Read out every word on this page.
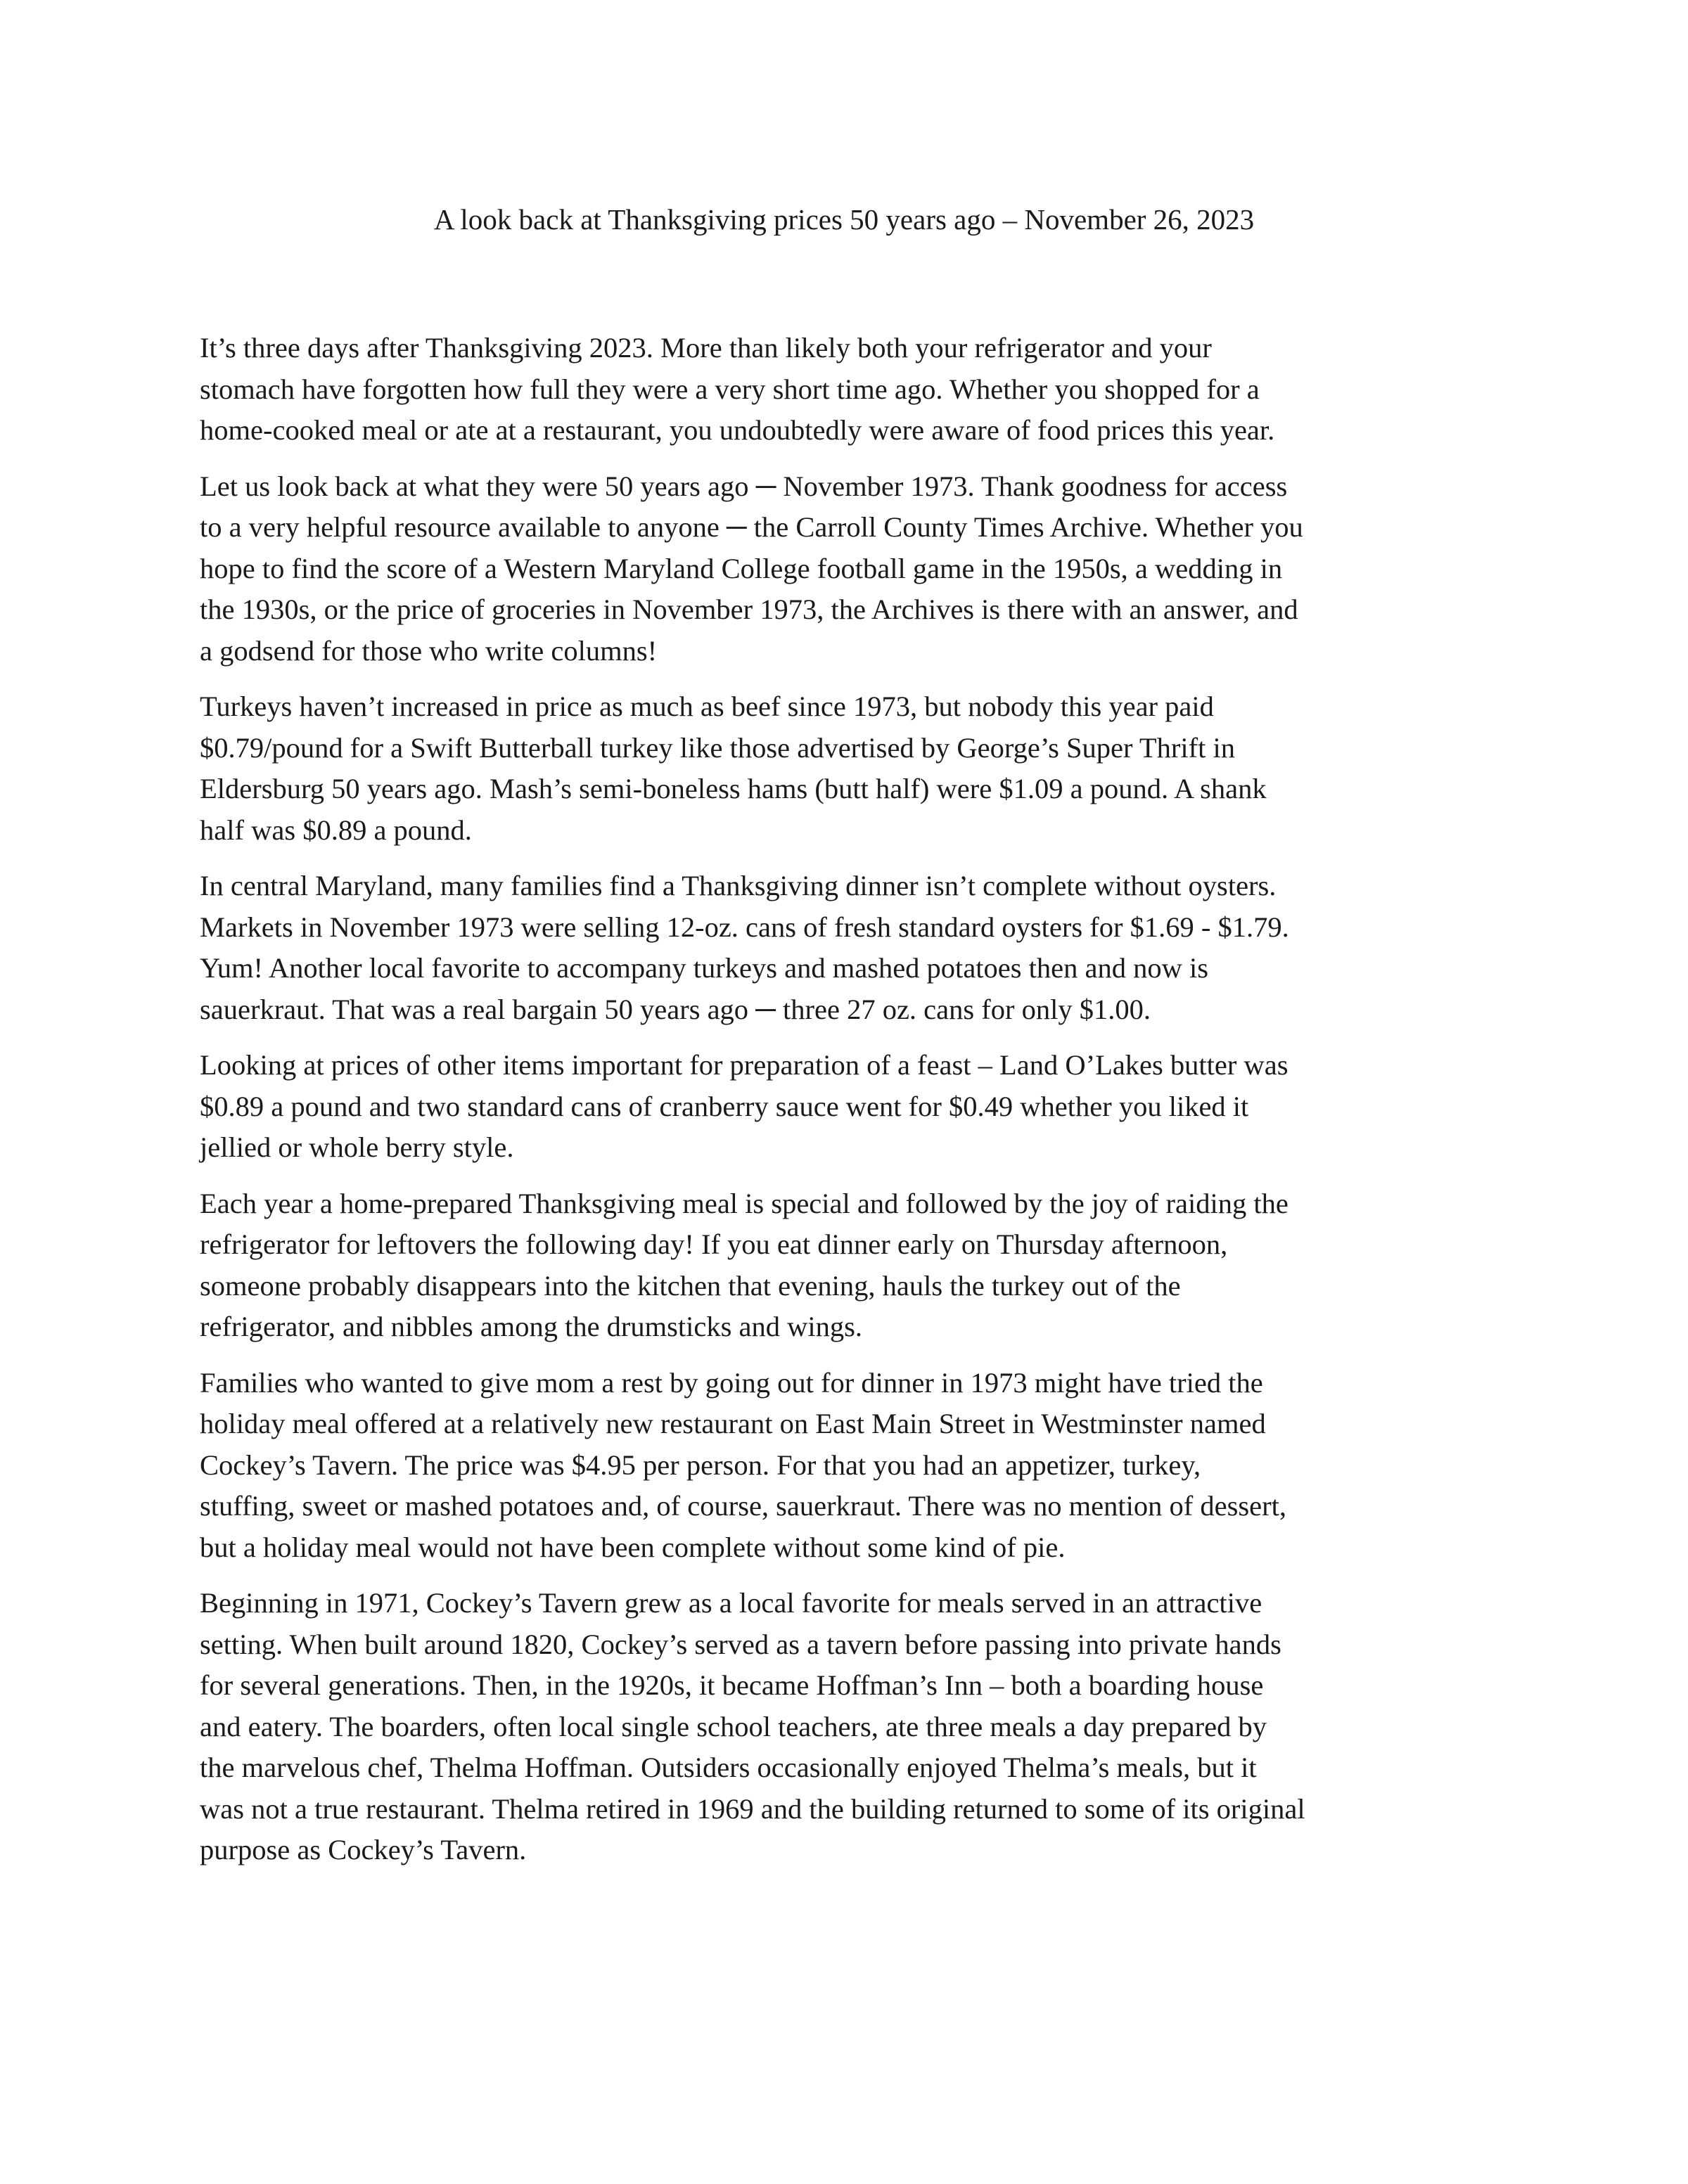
A look back at Thanksgiving prices 50 years ago – November 26, 2023

It’s three days after Thanksgiving 2023. More than likely both your refrigerator and your
stomach have forgotten how full they were a very short time ago. Whether you shopped for a
home-cooked meal or ate at a restaurant, you undoubtedly were aware of food prices this year.

Let us look back at what they were 50 years ago ─ November 1973. Thank goodness for access
to a very helpful resource available to anyone ─ the Carroll County Times Archive. Whether you
hope to find the score of a Western Maryland College football game in the 1950s, a wedding in
the 1930s, or the price of groceries in November 1973, the Archives is there with an answer, and
a godsend for those who write columns!

Turkeys haven’t increased in price as much as beef since 1973, but nobody this year paid
$0.79/pound for a Swift Butterball turkey like those advertised by George’s Super Thrift in
Eldersburg 50 years ago. Mash’s semi-boneless hams (butt half) were $1.09 a pound. A shank
half was $0.89 a pound.

In central Maryland, many families find a Thanksgiving dinner isn’t complete without oysters.
Markets in November 1973 were selling 12-oz. cans of fresh standard oysters for $1.69 - $1.79.
Yum! Another local favorite to accompany turkeys and mashed potatoes then and now is
sauerkraut. That was a real bargain 50 years ago ─ three 27 oz. cans for only $1.00.

Looking at prices of other items important for preparation of a feast – Land O’Lakes butter was
$0.89 a pound and two standard cans of cranberry sauce went for $0.49 whether you liked it
jellied or whole berry style.

Each year a home-prepared Thanksgiving meal is special and followed by the joy of raiding the
refrigerator for leftovers the following day! If you eat dinner early on Thursday afternoon,
someone probably disappears into the kitchen that evening, hauls the turkey out of the
refrigerator, and nibbles among the drumsticks and wings.

Families who wanted to give mom a rest by going out for dinner in 1973 might have tried the
holiday meal offered at a relatively new restaurant on East Main Street in Westminster named
Cockey’s Tavern. The price was $4.95 per person. For that you had an appetizer, turkey,
stuffing, sweet or mashed potatoes and, of course, sauerkraut. There was no mention of dessert,
but a holiday meal would not have been complete without some kind of pie.

Beginning in 1971, Cockey’s Tavern grew as a local favorite for meals served in an attractive
setting. When built around 1820, Cockey’s served as a tavern before passing into private hands
for several generations. Then, in the 1920s, it became Hoffman’s Inn – both a boarding house
and eatery. The boarders, often local single school teachers, ate three meals a day prepared by
the marvelous chef, Thelma Hoffman. Outsiders occasionally enjoyed Thelma’s meals, but it
was not a true restaurant. Thelma retired in 1969 and the building returned to some of its original
purpose as Cockey’s Tavern.
